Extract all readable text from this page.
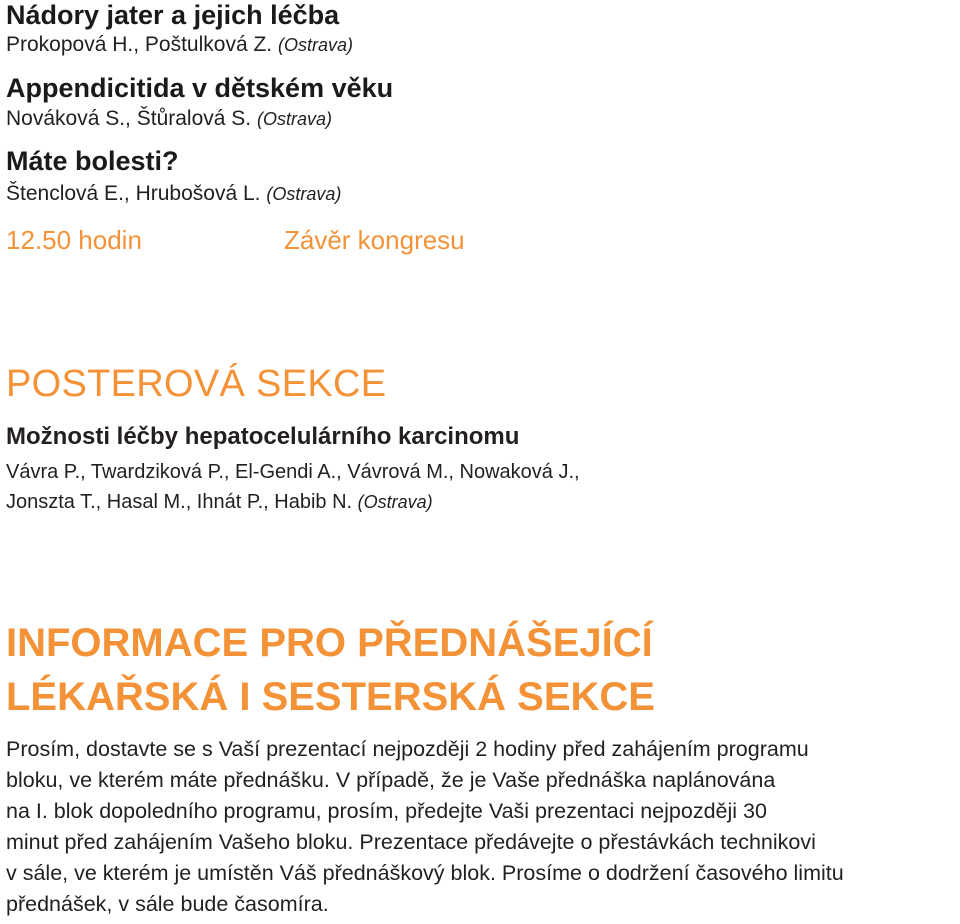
Nádory jater a jejich léčba
Prokopová H., Poštulková Z. (Ostrava)
Appendicitida v dětském věku
Nováková S., Štůralová S. (Ostrava)
Máte bolesti?
Štenclová E., Hrubošová L. (Ostrava)
12.50 hodin	Závěr kongresu
POSTEROVÁ SEKCE
Možnosti léčby hepatocelulárního karcinomu
Vávra P., Twardziková P., El-Gendi A., Vávrová M., Nowaková J.,
Jonszta T., Hasal M., Ihnát P., Habib N. (Ostrava)
INFORMACE PRO PŘEDNÁŠEJÍCÍ
LÉKAŘSKÁ I SESTERSKÁ SEKCE

Prosím, dostavte se s Vaší prezentací nejpozději 2 hodiny před zahájením programu

bloku, ve kterém máte přednášku. V případě, že je Vaše přednáška naplánována

na I. blok dopoledního programu, prosím, předejte Vaši prezentaci nejpozději 30

minut před zahájením Vašeho bloku. Prezentace předávejte o přestávkách technikovi

v sále, ve kterém je umístěn Váš přednáškový blok. Prosíme o dodržení časového limitu

přednášek, v sále bude časomíra.
